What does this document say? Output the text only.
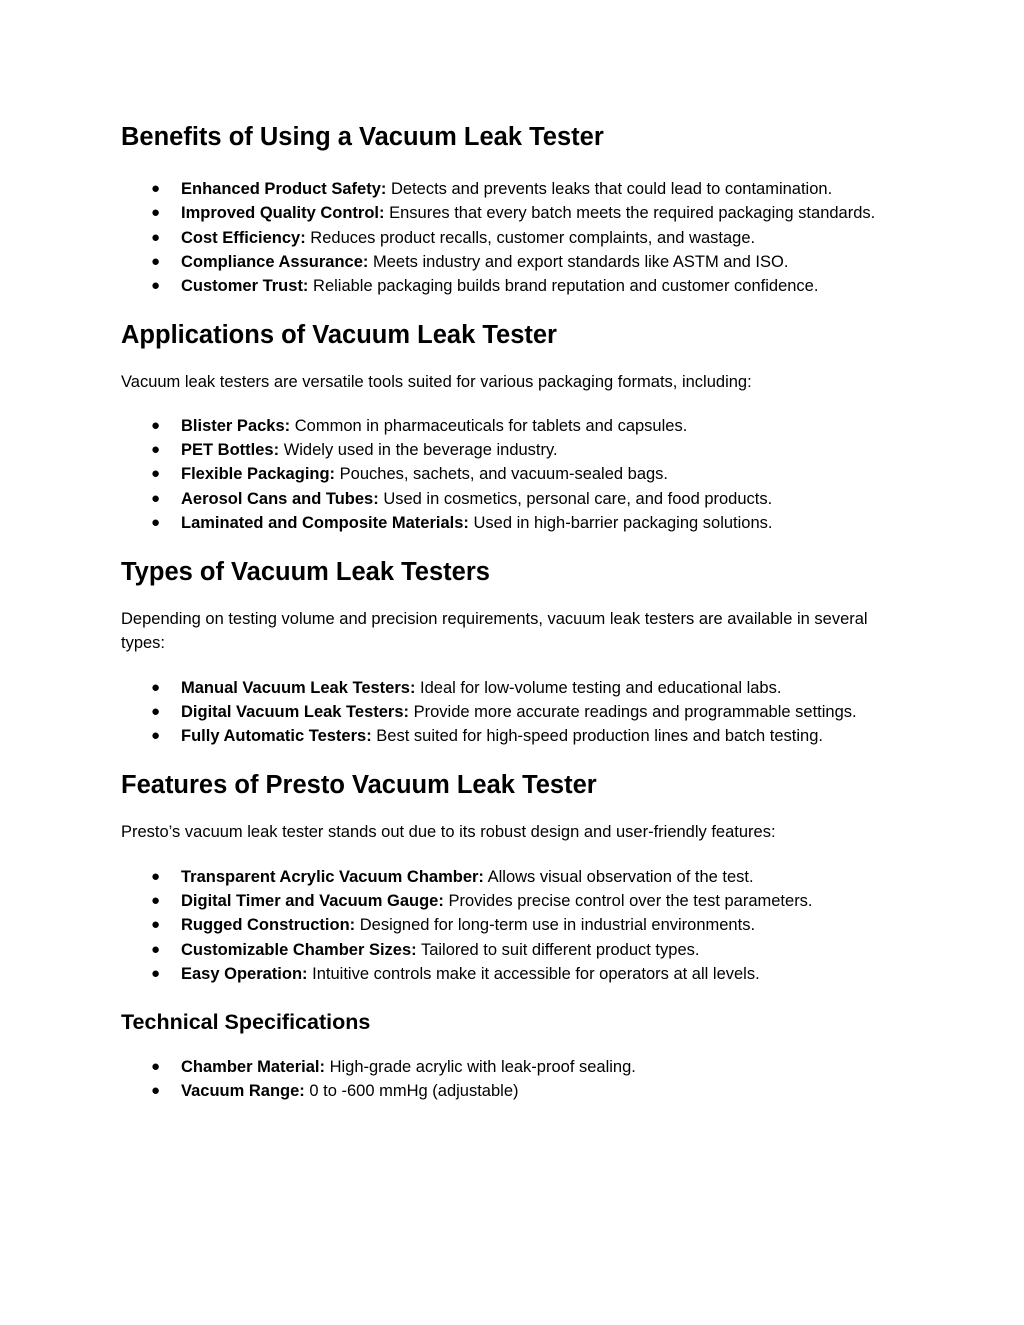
Benefits of Using a Vacuum Leak Tester
● Enhanced Product Safety: Detects and prevents leaks that could lead to contamination.
● Improved Quality Control: Ensures that every batch meets the required packaging standards.
● Cost Efficiency: Reduces product recalls, customer complaints, and wastage.
● Compliance Assurance: Meets industry and export standards like ASTM and ISO.
● Customer Trust: Reliable packaging builds brand reputation and customer confidence.
Applications of Vacuum Leak Tester

Vacuum leak testers are versatile tools suited for various packaging formats, including:

● Blister Packs: Common in pharmaceuticals for tablets and capsules.
● PET Bottles: Widely used in the beverage industry.
● Flexible Packaging: Pouches, sachets, and vacuum-sealed bags.
● Aerosol Cans and Tubes: Used in cosmetics, personal care, and food products.
● Laminated and Composite Materials: Used in high-barrier packaging solutions.
Types of Vacuum Leak Testers

Depending on testing volume and precision requirements, vacuum leak testers are available in several types:

● Manual Vacuum Leak Testers: Ideal for low-volume testing and educational labs.
● Digital Vacuum Leak Testers: Provide more accurate readings and programmable settings.
● Fully Automatic Testers: Best suited for high-speed production lines and batch testing.
Features of Presto Vacuum Leak Tester

Presto’s vacuum leak tester stands out due to its robust design and user-friendly features:

● Transparent Acrylic Vacuum Chamber: Allows visual observation of the test.
● Digital Timer and Vacuum Gauge: Provides precise control over the test parameters.
● Rugged Construction: Designed for long-term use in industrial environments.
● Customizable Chamber Sizes: Tailored to suit different product types.
● Easy Operation: Intuitive controls make it accessible for operators at all levels.
Technical Specifications
● Chamber Material: High-grade acrylic with leak-proof sealing.
● Vacuum Range: 0 to -600 mmHg (adjustable)
